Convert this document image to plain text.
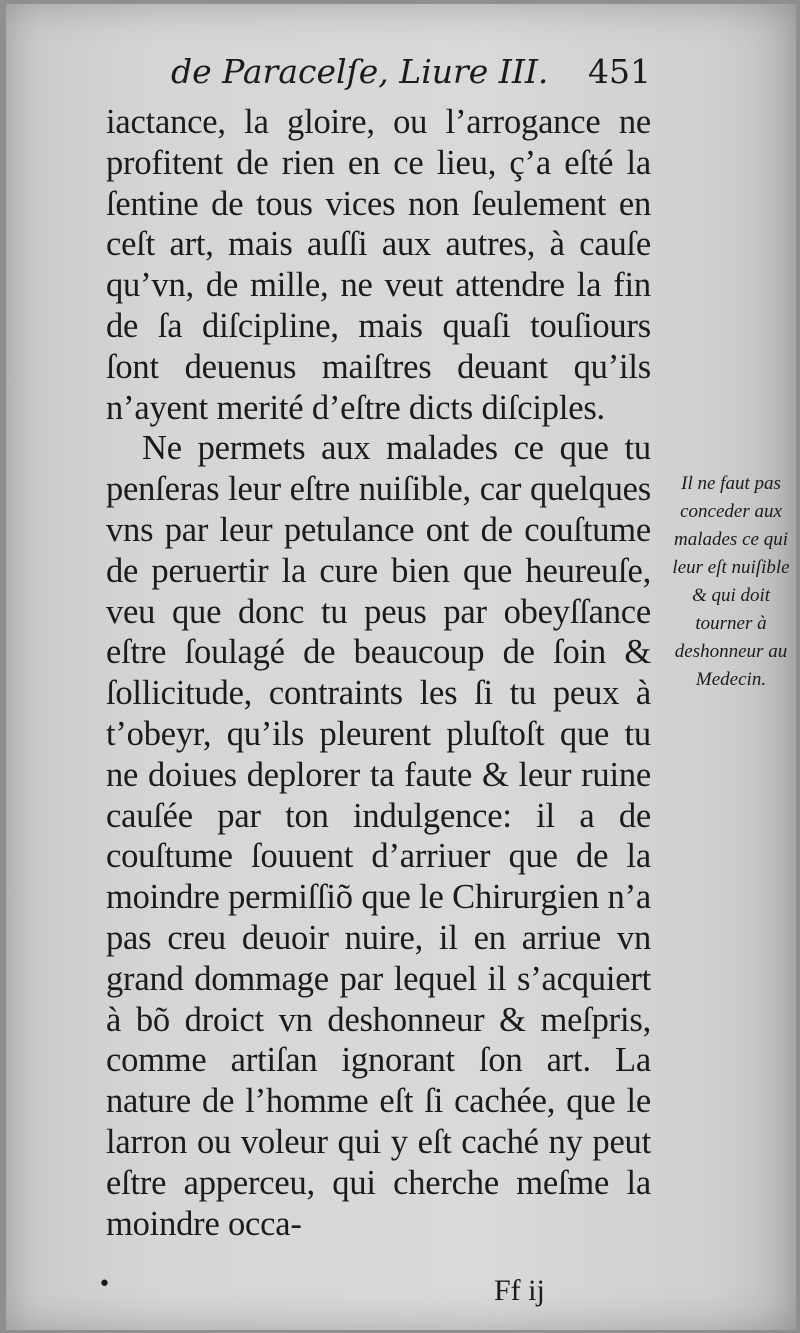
de Paracelſe, Liure III. 451

iactance, la gloire, ou l’arrogance ne profitent de rien en ce lieu, ç’a eſté la ſentine de tous vices non ſeulement en ceſt art, mais auſſi aux autres, à cauſe qu’vn, de mille, ne veut attendre la fin de ſa diſcipline, mais quaſi touſiours ſont deuenus maiſtres deuant qu’ils n’ayent merité d’eſtre dicts diſciples.

Ne permets aux malades ce que tu penſeras leur eſtre nuiſible, car quelques vns par leur petulance ont de couſtume de peruertir la cure bien que heureuſe, veu que donc tu peus par obeyſſance eſtre ſoulagé de beaucoup de ſoin & ſollicitude, contraints les ſi tu peux à t’obeyr, qu’ils pleurent pluſtoſt que tu ne doiues deplorer ta faute & leur ruine cauſée par ton indulgence: il a de couſtume ſouuent d’arriuer que de la moindre permiſſiõ que le Chirurgien n’a pas creu deuoir nuire, il en arriue vn grand dommage par lequel il s’acquiert à bõ droict vn deshonneur & meſpris, comme artiſan ignorant ſon art. La nature de l’homme eſt ſi cachée, que le larron ou voleur qui y eſt caché ny peut eſtre apperceu, qui cherche meſme la moindre occa-

Il ne faut pas conceder aux malades ce qui leur eſt nuiſible & qui doit tourner à deshonneur au Medecin.
•	Ff ij
